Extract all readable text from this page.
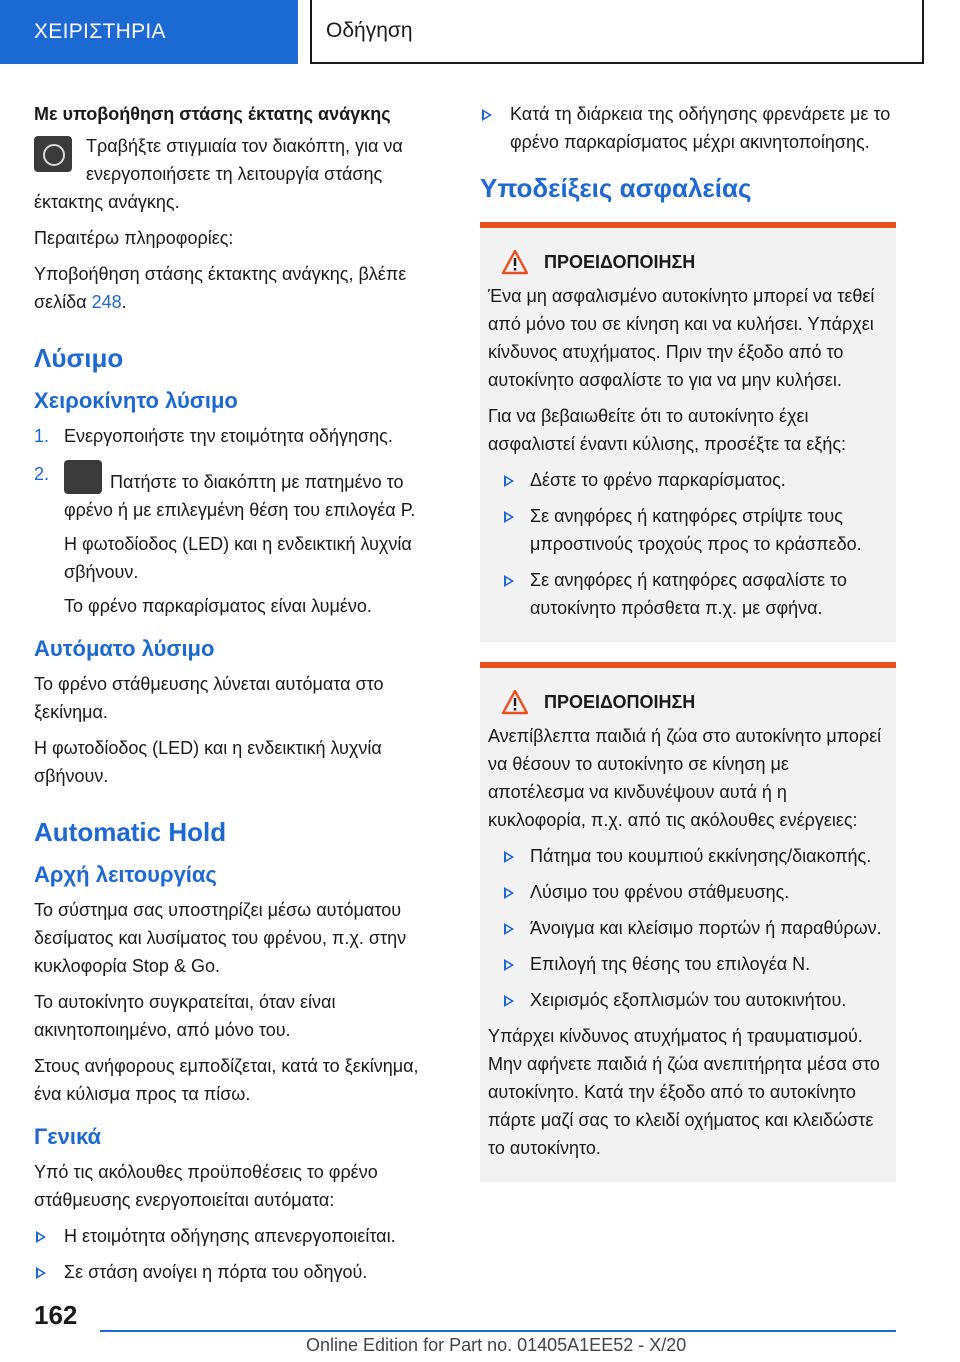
ΧΕΙΡΙΣΤΗΡΙΑ	Οδήγηση
Με υποβοήθηση στάσης έκτατης ανάγκης

Τραβήξτε στιγμιαία τον διακόπτη, για να ενεργοποιήσετε τη λειτουργία στάσης έκτακτης ανάγκης.

Περαιτέρω πληροφορίες:

Υποβοήθηση στάσης έκτακτης ανάγκης, βλέπε σελίδα 248.

Λύσιμο
Χειροκίνητο λύσιμο
1. Ενεργοποιήστε την ετοιμότητα οδήγησης.
2.	Πατήστε το διακόπτη με πατημένο το φρένο ή με επιλεγμένη θέση του επιλογέα P.
Η φωτοδίοδος (LED) και η ενδεικτική λυχνία σβήνουν.
Το φρένο παρκαρίσματος είναι λυμένο.
Αυτόματο λύσιμο

Το φρένο στάθμευσης λύνεται αυτόματα στο ξεκίνημα.

Η φωτοδίοδος (LED) και η ενδεικτική λυχνία σβήνουν.

Automatic Hold
Αρχή λειτουργίας

Το σύστημα σας υποστηρίζει μέσω αυτόματου δεσίματος και λυσίματος του φρένου, π.χ. στην κυκλοφορία Stop & Go.

Το αυτοκίνητο συγκρατείται, όταν είναι ακινητοποιημένο, από μόνο του.

Στους ανήφορους εμποδίζεται, κατά το ξεκίνημα, ένα κύλισμα προς τα πίσω.

Γενικά

Υπό τις ακόλουθες προϋποθέσεις το φρένο στάθμευσης ενεργοποιείται αυτόματα:

Η ετοιμότητα οδήγησης απενεργοποιείται.
Σε στάση ανοίγει η πόρτα του οδηγού.
Κατά τη διάρκεια της οδήγησης φρενάρετε με το φρένο παρκαρίσματος μέχρι ακινητοποίησης.
Υποδείξεις ασφαλείας
ΠΡΟΕΙΔΟΠΟΙΗΣΗ

Ένα μη ασφαλισμένο αυτοκίνητο μπορεί να τεθεί από μόνο του σε κίνηση και να κυλήσει. Υπάρχει κίνδυνος ατυχήματος. Πριν την έξοδο από το αυτοκίνητο ασφαλίστε το για να μην κυλήσει.

Για να βεβαιωθείτε ότι το αυτοκίνητο έχει ασφαλιστεί έναντι κύλισης, προσέξτε τα εξής:

Δέστε το φρένο παρκαρίσματος.
Σε ανηφόρες ή κατηφόρες στρίψτε τους μπροστινούς τροχούς προς το κράσπεδο.
Σε ανηφόρες ή κατηφόρες ασφαλίστε το αυτοκίνητο πρόσθετα π.χ. με σφήνα.
ΠΡΟΕΙΔΟΠΟΙΗΣΗ

Ανεπίβλεπτα παιδιά ή ζώα στο αυτοκίνητο μπορεί να θέσουν το αυτοκίνητο σε κίνηση με αποτέλεσμα να κινδυνέψουν αυτά ή η κυκλοφορία, π.χ. από τις ακόλουθες ενέργειες:

Πάτημα του κουμπιού εκκίνησης/διακοπής.
Λύσιμο του φρένου στάθμευσης.
Άνοιγμα και κλείσιμο πορτών ή παραθύρων.
Επιλογή της θέσης του επιλογέα N.
Χειρισμός εξοπλισμών του αυτοκινήτου.

Υπάρχει κίνδυνος ατυχήματος ή τραυματισμού. Μην αφήνετε παιδιά ή ζώα ανεπιτήρητα μέσα στο αυτοκίνητο. Κατά την έξοδο από το αυτοκίνητο πάρτε μαζί σας το κλειδί οχήματος και κλειδώστε το αυτοκίνητο.

162
Online Edition for Part no. 01405A1EE52 - X/20
